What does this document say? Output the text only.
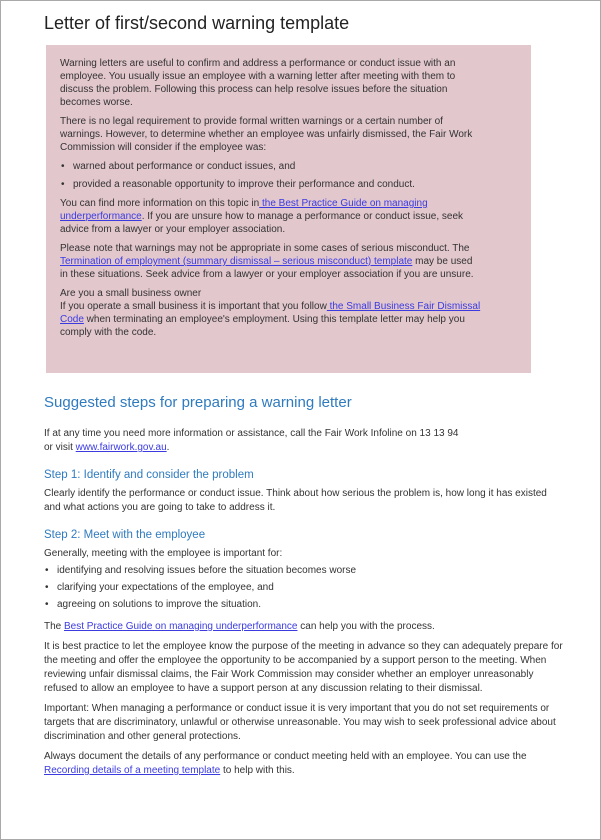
Letter of first/second warning template

Warning letters are useful to confirm and address a performance or conduct issue with an
employee. You usually issue an employee with a warning letter after meeting with them to
discuss the problem. Following this process can help resolve issues before the situation
becomes worse.

There is no legal requirement to provide formal written warnings or a certain number of
warnings. However, to determine whether an employee was unfairly dismissed, the Fair Work
Commission will consider if the employee was:

• warned about performance or conduct issues, and
• provided a reasonable opportunity to improve their performance and conduct.

You can find more information on this topic in the Best Practice Guide on managing
underperformance. If you are unsure how to manage a performance or conduct issue, seek
advice from a lawyer or your employer association.

Please note that warnings may not be appropriate in some cases of serious misconduct. The
Termination of employment (summary dismissal – serious misconduct) template may be used
in these situations. Seek advice from a lawyer or your employer association if you are unsure.

Are you a small business owner
If you operate a small business it is important that you follow the Small Business Fair Dismissal
Code when terminating an employee's employment. Using this template letter may help you
comply with the code.

Suggested steps for preparing a warning letter

If at any time you need more information or assistance, call the Fair Work Infoline on 13 13 94
or visit www.fairwork.gov.au.

Step 1: Identify and consider the problem

Clearly identify the performance or conduct issue. Think about how serious the problem is, how long it has existed and what actions you are going to take to address it.

Step 2: Meet with the employee

Generally, meeting with the employee is important for:

• identifying and resolving issues before the situation becomes worse
• clarifying your expectations of the employee, and
• agreeing on solutions to improve the situation.

The Best Practice Guide on managing underperformance can help you with the process.

It is best practice to let the employee know the purpose of the meeting in advance so they can adequately prepare for the meeting and offer the employee the opportunity to be accompanied by a support person to the meeting. When reviewing unfair dismissal claims, the Fair Work Commission may consider whether an employer unreasonably refused to allow an employee to have a support person at any discussion relating to their dismissal.

Important: When managing a performance or conduct issue it is very important that you do not set requirements or targets that are discriminatory, unlawful or otherwise unreasonable. You may wish to seek professional advice about discrimination and other general protections.

Always document the details of any performance or conduct meeting held with an employee. You can use the Recording details of a meeting template to help with this.
